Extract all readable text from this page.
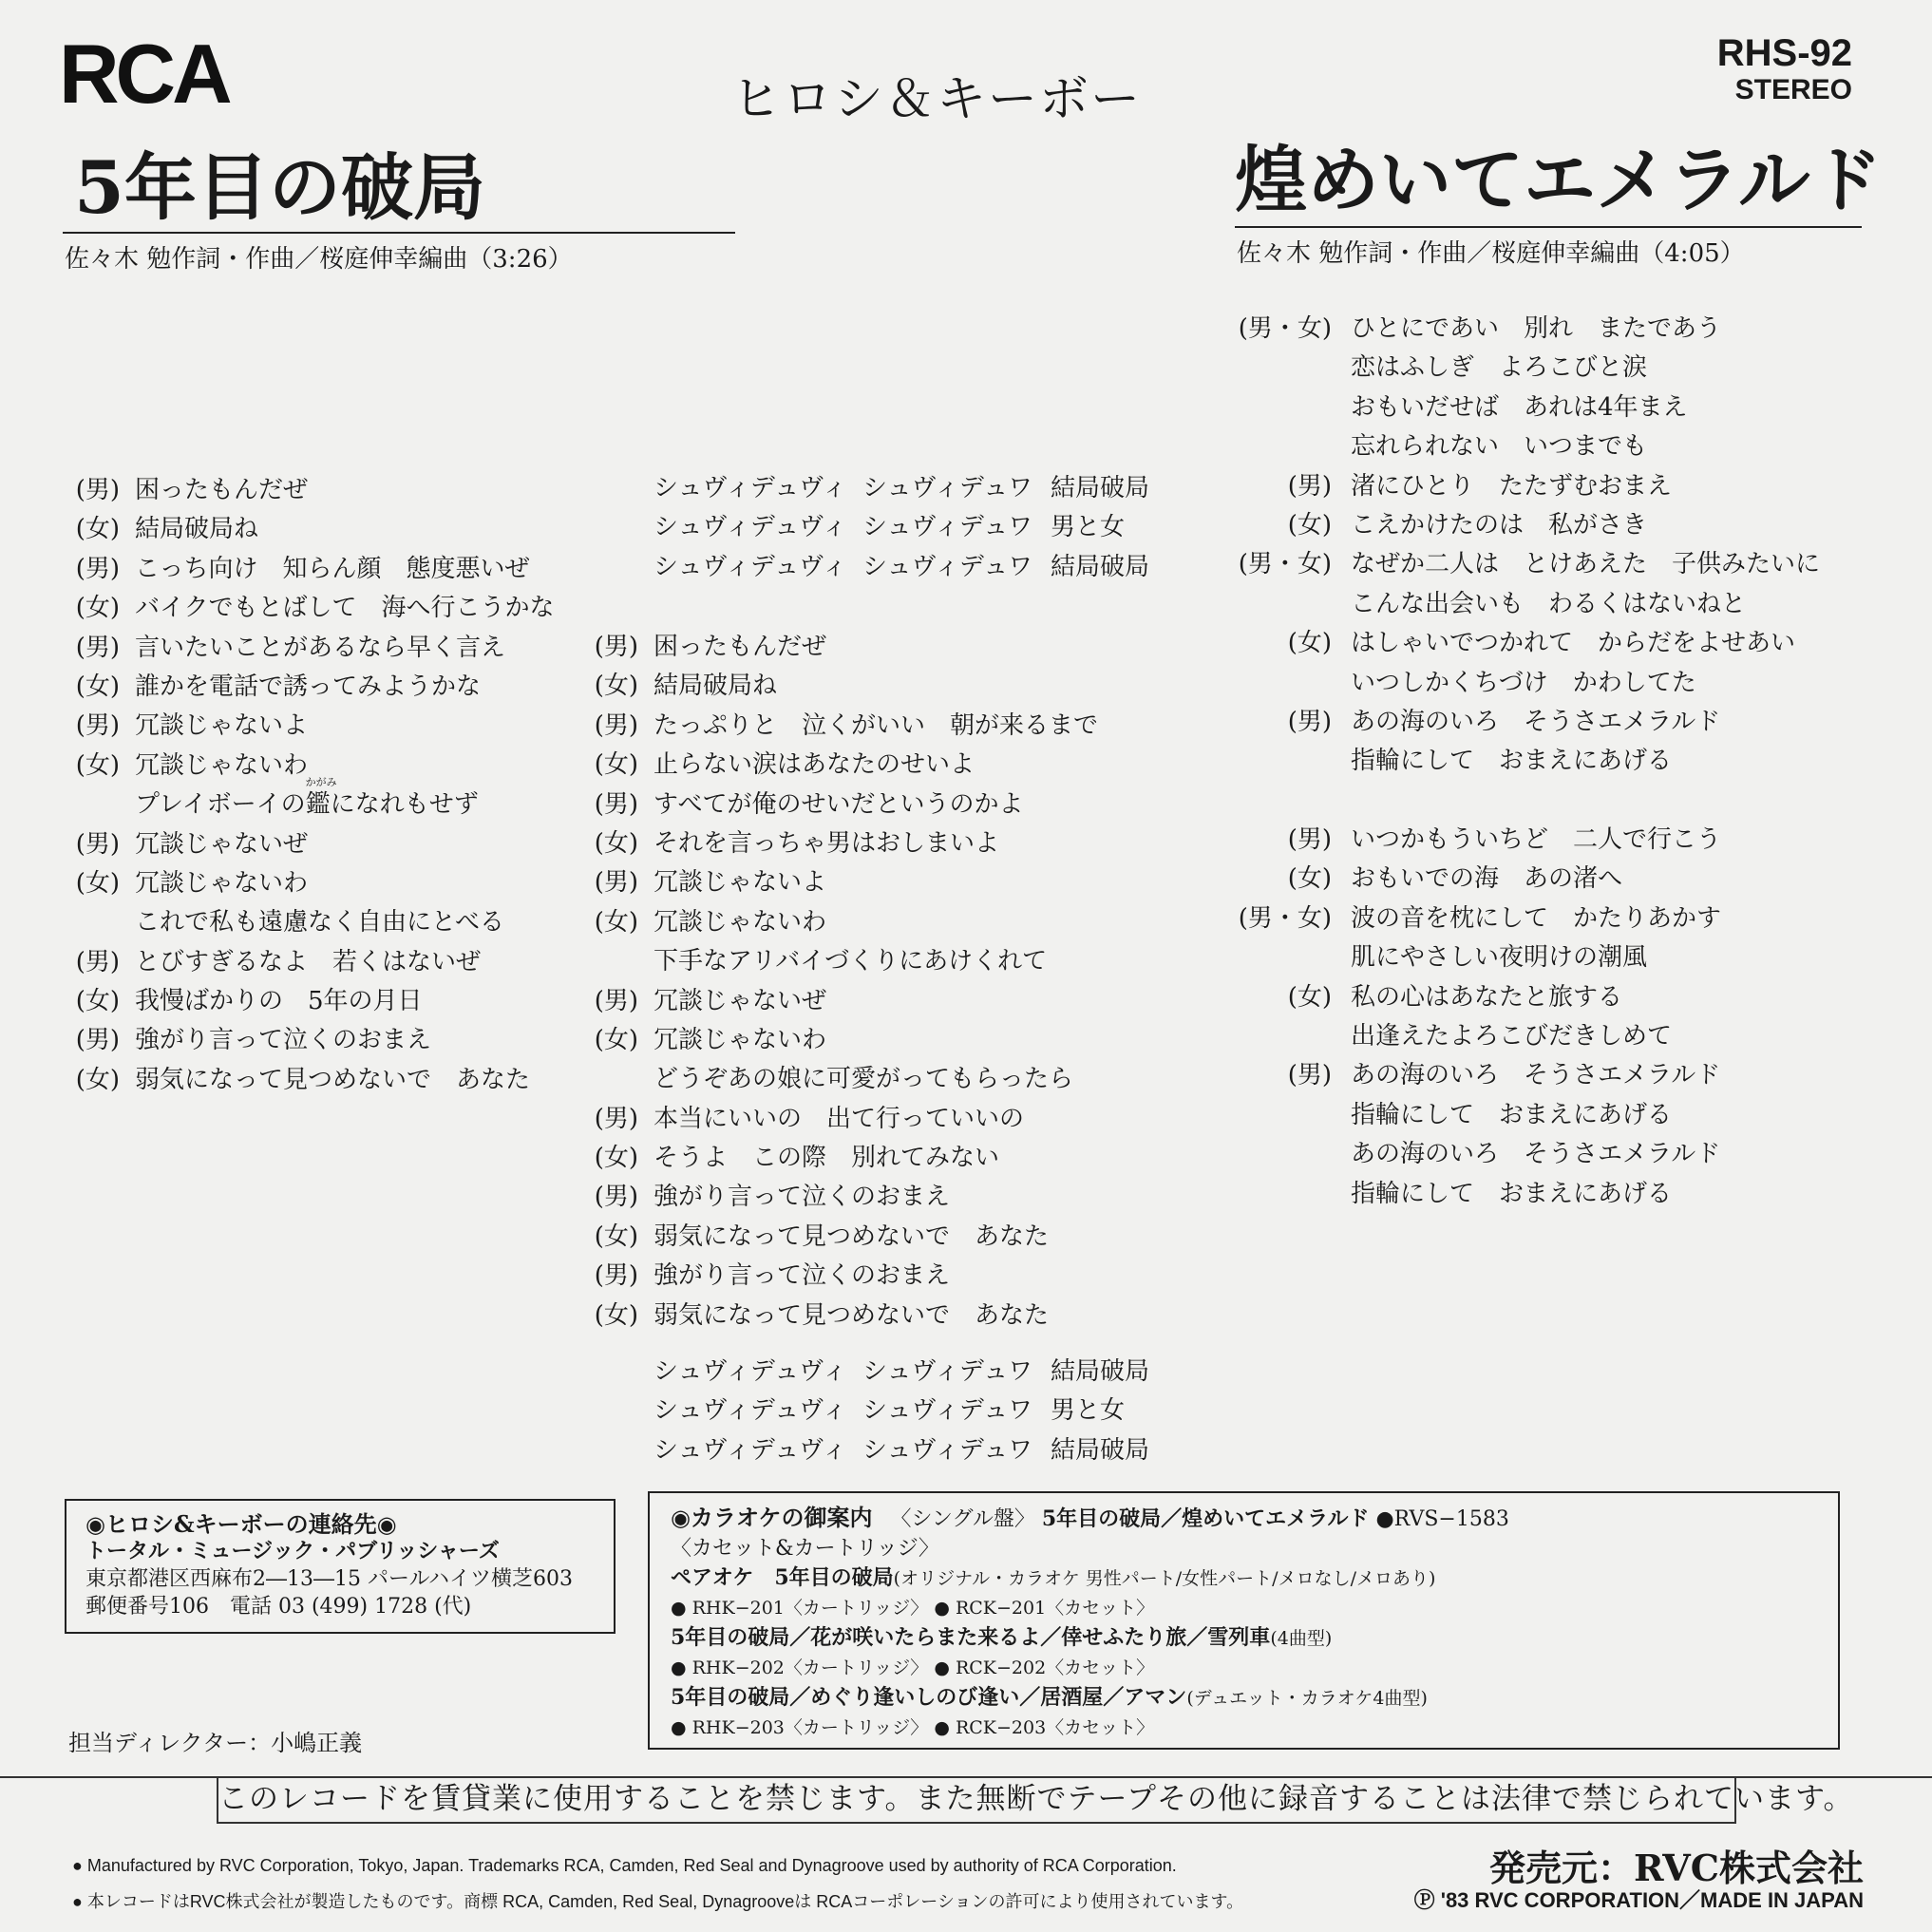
RCA	ヒロシ＆キーボー
RHS-92
STEREO
5年目の破局
佐々木 勉作詞・作曲／桜庭伸幸編曲（3:26）
煌めいてエメラルド
佐々木 勉作詞・作曲／桜庭伸幸編曲（4:05）
(男) 困ったもんだぜ
(女) 結局破局ね
(男) こっち向け　知らん顔　態度悪いぜ
(女) バイクでもとばして　海へ行こうかな
(男) 言いたいことがあるなら早く言え
(女) 誰かを電話で誘ってみようかな
(男) 冗談じゃないよ
(女) 冗談じゃないわ
プレイボーイの鑑
かがみ
になれもせず
(男) 冗談じゃないぜ
(女) 冗談じゃないわ
これで私も遠慮なく自由にとべる
(男) とびすぎるなよ　若くはないぜ
(女) 我慢ばかりの　5年の月日
(男) 強がり言って泣くのおまえ
(女) 弱気になって見つめないで　あなた
シュヴィデュヴィ シュヴィデュワ 結局破局
シュヴィデュヴィ シュヴィデュワ 男と女
シュヴィデュヴィ シュヴィデュワ 結局破局
(男) 困ったもんだぜ
(女) 結局破局ね
(男) たっぷりと　泣くがいい　朝が来るまで
(女) 止らない涙はあなたのせいよ
(男) すべてが俺のせいだというのかよ
(女) それを言っちゃ男はおしまいよ
(男) 冗談じゃないよ
(女) 冗談じゃないわ
下手なアリバイづくりにあけくれて
(男) 冗談じゃないぜ
(女) 冗談じゃないわ
どうぞあの娘に可愛がってもらったら
(男) 本当にいいの　出て行っていいの
(女) そうよ　この際　別れてみない
(男) 強がり言って泣くのおまえ
(女) 弱気になって見つめないで　あなた
(男) 強がり言って泣くのおまえ
(女) 弱気になって見つめないで　あなた
シュヴィデュヴィ シュヴィデュワ 結局破局
シュヴィデュヴィ シュヴィデュワ 男と女
シュヴィデュヴィ シュヴィデュワ 結局破局
(男・女) ひとにであい　別れ　またであう
恋はふしぎ　よろこびと涙
おもいだせば　あれは4年まえ
忘れられない　いつまでも
(男) 渚にひとり　たたずむおまえ
(女) こえかけたのは　私がさき
(男・女) なぜか二人は　とけあえた　子供みたいに
こんな出会いも　わるくはないねと
(女) はしゃいでつかれて　からだをよせあい
いつしかくちづけ　かわしてた
(男) あの海のいろ　そうさエメラルド
指輪にして　おまえにあげる
(男) いつかもういちど　二人で行こう
(女) おもいでの海　あの渚へ
(男・女) 波の音を枕にして　かたりあかす
肌にやさしい夜明けの潮風
(女) 私の心はあなたと旅する
出逢えたよろこびだきしめて
(男) あの海のいろ　そうさエメラルド
指輪にして　おまえにあげる
あの海のいろ　そうさエメラルド
指輪にして　おまえにあげる
◉ヒロシ&キーボーの連絡先◉
トータル・ミュージック・パブリッシャーズ
東京都港区西麻布2―13―15 パールハイツ横芝603
郵便番号106　電話 03 (499) 1728 (代)
◉カラオケの御案内 〈シングル盤〉 5年目の破局／煌めいてエメラルド ●RVS−1583
〈カセット&カートリッジ〉
ペアオケ　5年目の破局(オリジナル・カラオケ 男性パート/女性パート/メロなし/メロあり)
● RHK−201〈カートリッジ〉 ● RCK−201〈カセット〉
5年目の破局／花が咲いたらまた来るよ／倖せふたり旅／雪列車(4曲型)
● RHK−202〈カートリッジ〉 ● RCK−202〈カセット〉
5年目の破局／めぐり逢いしのび逢い／居酒屋／アマン(デュエット・カラオケ4曲型)
● RHK−203〈カートリッジ〉 ● RCK−203〈カセット〉
担当ディレクター：小嶋正義
このレコードを賃貸業に使用することを禁じます。また無断でテープその他に録音することは法律で禁じられています。
● Manufactured by RVC Corporation, Tokyo, Japan. Trademarks RCA, Camden, Red Seal and Dynagroove used by authority of RCA Corporation.
● 本レコードはRVC株式会社が製造したものです。商標 RCA, Camden, Red Seal, Dynagrooveは RCAコーポレーションの許可により使用されています。
発売元：RVC株式会社
Ⓟ '83 RVC CORPORATION／MADE IN JAPAN
